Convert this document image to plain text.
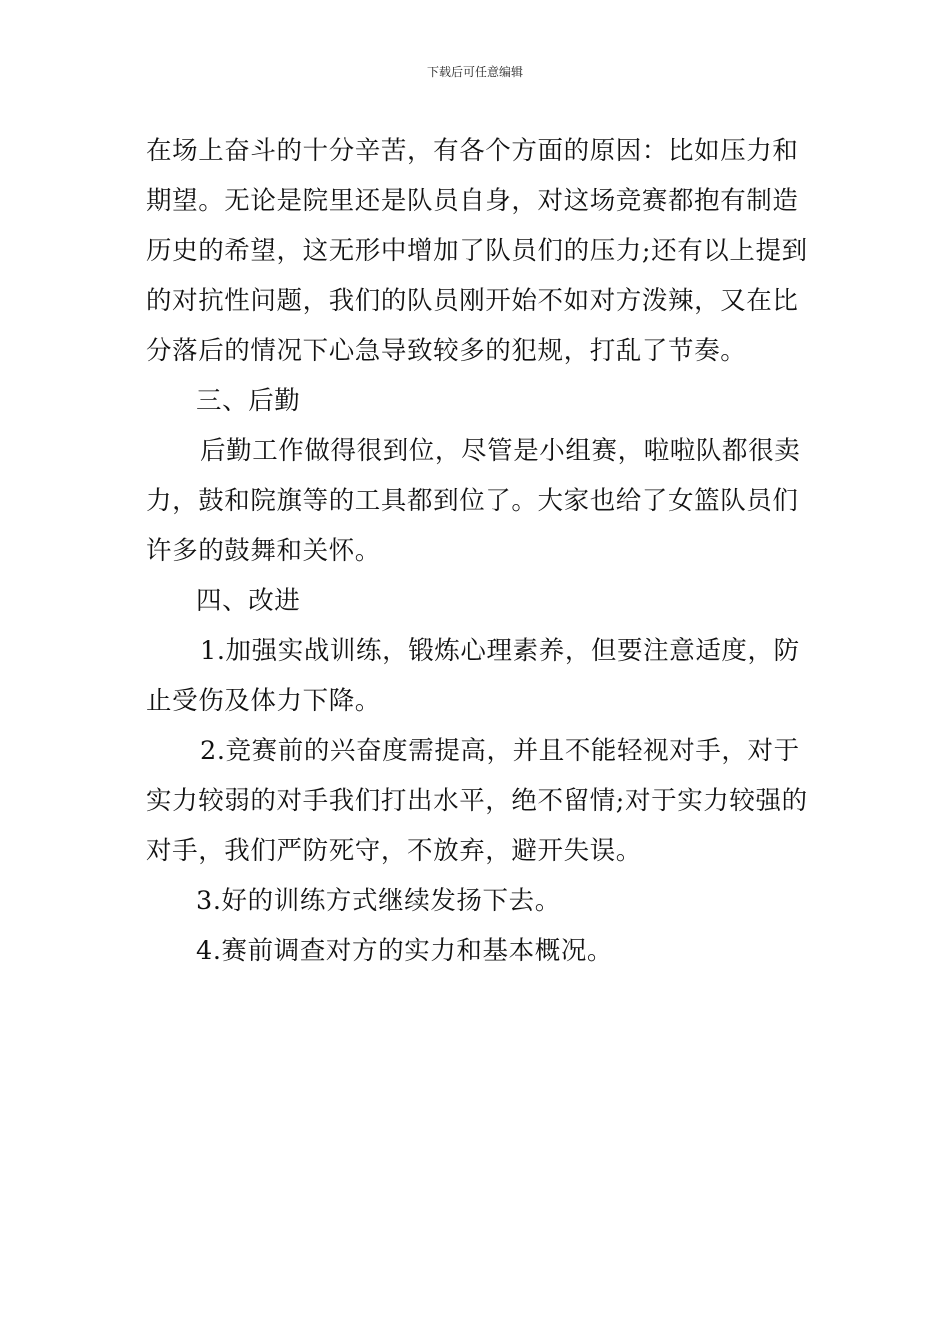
下载后可任意编辑
在场上奋斗的十分辛苦，有各个方面的原因：比如压力和
期望。无论是院里还是队员自身，对这场竞赛都抱有制造
历史的希望，这无形中增加了队员们的压力;还有以上提到
的对抗性问题，我们的队员刚开始不如对方泼辣，又在比
分落后的情况下心急导致较多的犯规，打乱了节奏。
三、后勤
后勤工作做得很到位，尽管是小组赛，啦啦队都很卖
力，鼓和院旗等的工具都到位了。大家也给了女篮队员们
许多的鼓舞和关怀。
四、改进
1.加强实战训练，锻炼心理素养，但要注意适度，防
止受伤及体力下降。
2.竞赛前的兴奋度需提高，并且不能轻视对手，对于
实力较弱的对手我们打出水平，绝不留情;对于实力较强的
对手，我们严防死守，不放弃，避开失误。
3.好的训练方式继续发扬下去。
4.赛前调查对方的实力和基本概况。
